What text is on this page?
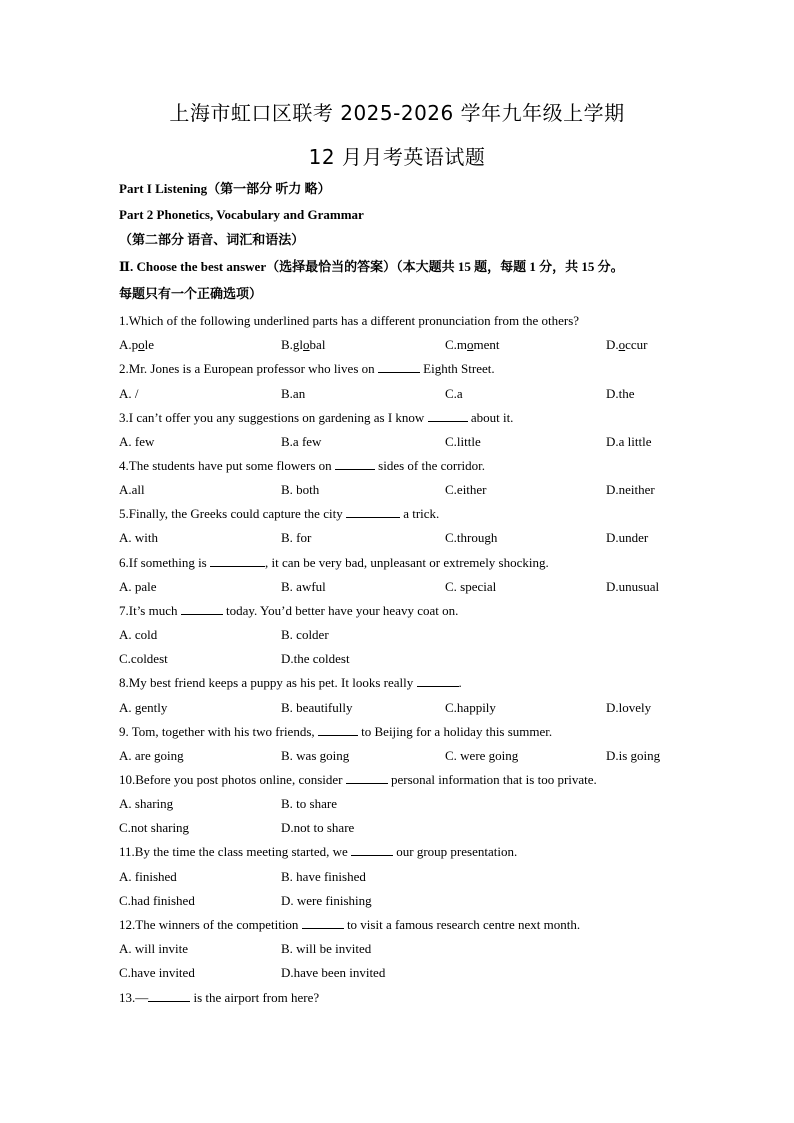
上海市虹口区联考 2025-2026 学年九年级上学期
12 月月考英语试题
Part I Listening（第一部分 听力 略）
Part 2 Phonetics, Vocabulary and Grammar
（第二部分 语音、词汇和语法）
Ⅱ. Choose the best answer（选择最恰当的答案）（本大题共 15 题，每题 1 分，共 15 分。
每题只有一个正确选项）
1.Which of the following underlined parts has a different pronunciation from the others?
A.pole	B.global	C.moment	D.occur
2.Mr. Jones is a European professor who lives on	Eighth Street.
A. /	B.an	C.a	D.the
3.I can’t offer you any suggestions on gardening as I know	about it.
A. few	B.a few	C.little	D.a little
4.The students have put some flowers on	sides of the corridor.
A.all	B. both	C.either	D.neither
5.Finally, the Greeks could capture the city	a trick.
A. with	B. for	C.through	D.under
6.If something is	, it can be very bad, unpleasant or extremely shocking.
A. pale	B. awful	C. special	D.unusual
7.It’s much	today. You’d better have your heavy coat on.
A. cold	B. colder
C.coldest	D.the coldest
8.My best friend keeps a puppy as his pet. It looks really	.
A. gently	B. beautifully	C.happily	D.lovely
9. Tom, together with his two friends,	to Beijing for a holiday this summer.
A. are going	B. was going	C. were going	D.is going
10.Before you post photos online, consider	personal information that is too private.
A. sharing	B. to share
C.not sharing	D.not to share
11.By the time the class meeting started, we	our group presentation.
A. finished	B. have finished
C.had finished	D. were finishing
12.The winners of the competition	to visit a famous research centre next month.
A. will invite	B. will be invited
C.have invited	D.have been invited
13.—	is the airport from here?
